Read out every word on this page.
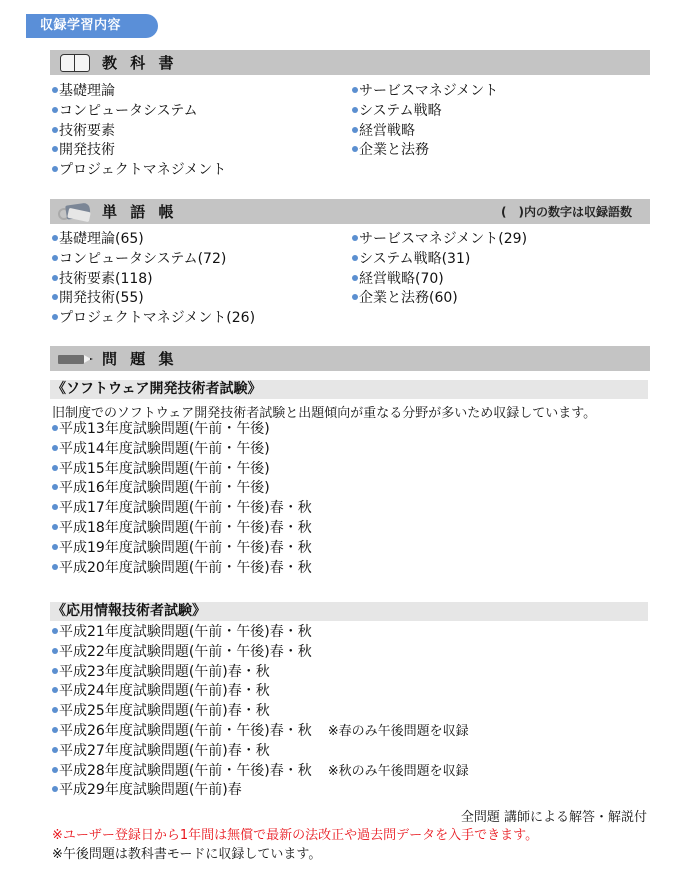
収録学習内容
教 科 書
基礎理論
コンピュータシステム
技術要素
開発技術
プロジェクトマネジメント
サービスマネジメント
システム戦略
経営戦略
企業と法務
単 語 帳	(　)内の数字は収録語数
基礎理論(65)
コンピュータシステム(72)
技術要素(118)
開発技術(55)
プロジェクトマネジメント(26)
サービスマネジメント(29)
システム戦略(31)
経営戦略(70)
企業と法務(60)
問 題 集
《ソフトウェア開発技術者試験》
旧制度でのソフトウェア開発技術者試験と出題傾向が重なる分野が多いため収録しています。
平成13年度試験問題(午前・午後)
平成14年度試験問題(午前・午後)
平成15年度試験問題(午前・午後)
平成16年度試験問題(午前・午後)
平成17年度試験問題(午前・午後)春・秋
平成18年度試験問題(午前・午後)春・秋
平成19年度試験問題(午前・午後)春・秋
平成20年度試験問題(午前・午後)春・秋
《応用情報技術者試験》
平成21年度試験問題(午前・午後)春・秋
平成22年度試験問題(午前・午後)春・秋
平成23年度試験問題(午前)春・秋
平成24年度試験問題(午前)春・秋
平成25年度試験問題(午前)春・秋
平成26年度試験問題(午前・午後)春・秋 ※春のみ午後問題を収録
平成27年度試験問題(午前)春・秋
平成28年度試験問題(午前・午後)春・秋 ※秋のみ午後問題を収録
平成29年度試験問題(午前)春
全問題 講師による解答・解説付
※ユーザー登録日から1年間は無償で最新の法改正や過去問データを入手できます。
※午後問題は教科書モードに収録しています。
